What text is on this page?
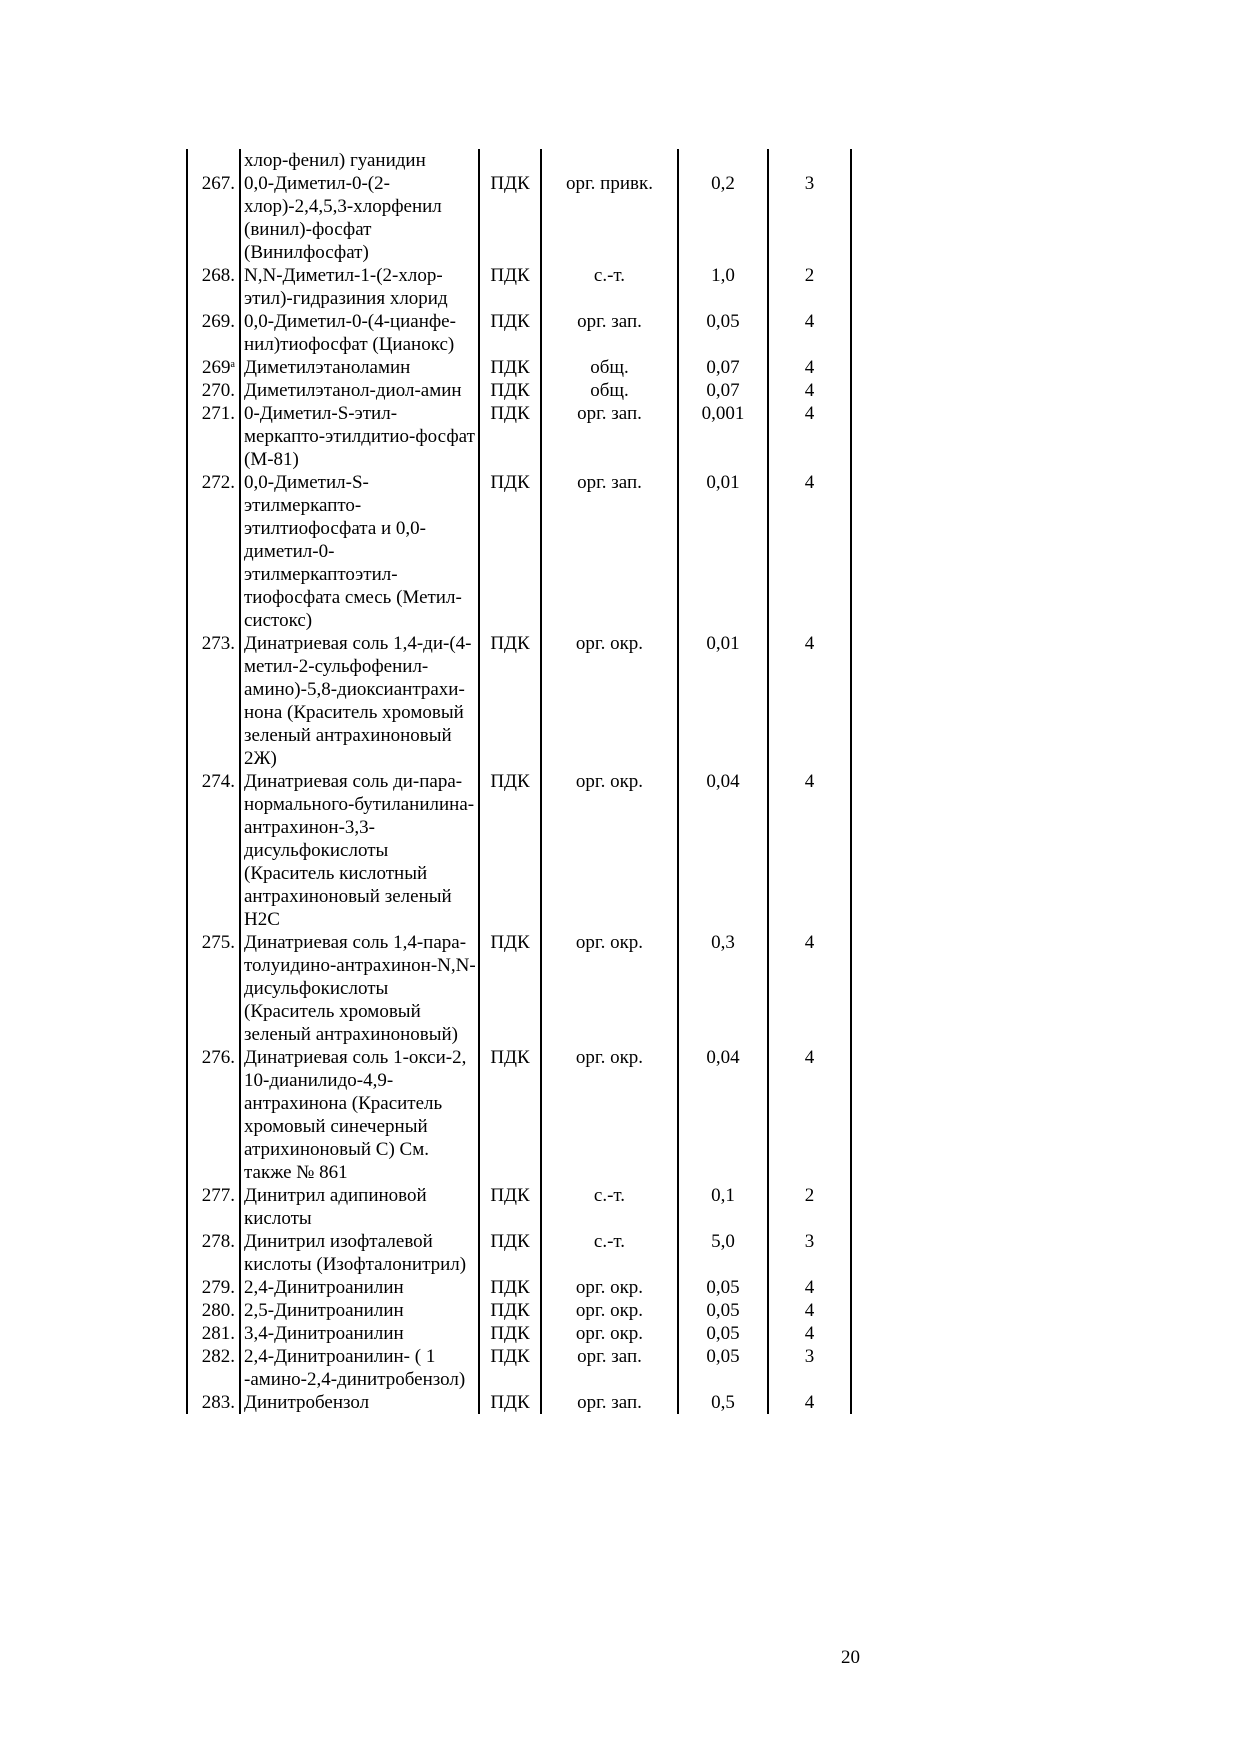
	хлор-фенил) гуанидин				
267.	0,0-Диметил-0-(2-хлор)-2,4,5,3-хлорфенил (винил)-фосфат (Винилфосфат)	ПДК	орг. привк.	0,2	3
268.	N,N-Диметил-1-(2-хлор-этил)-гидразиния хлорид	ПДК	с.-т.	1,0	2
269.	0,0-Диметил-0-(4-цианфе-нил)тиофосфат (Цианокс)	ПДК	орг. зап.	0,05	4
$269^а$	Диметилэтаноламин	ПДК	общ.	0,07	4
270.	Диметилэтанол-диол-амин	ПДК	общ.	0,07	4
271.	0-Диметил-S-этил-меркапто-этилдитио-фосфат (М-81)	ПДК	орг. зап.	0,001	4
272.	0,0-Диметил-S-этилмеркапто-этилтиофосфата и 0,0-диметил-0-этилмеркаптоэтил-тиофосфата смесь (Метил-систокс)	ПДК	орг. зап.	0,01	4
273.	Динатриевая соль 1,4-ди-(4-метил-2-сульфофенил-амино)-5,8-диоксиантрахи-нона (Краситель хромовый зеленый антрахиноновый 2Ж)	ПДК	орг. окр.	0,01	4
274.	Динатриевая соль ди-пара-нормального-бутиланилина-антрахинон-3,3-дисульфокислоты (Краситель кислотный антрахиноновый зеленый Н2С	ПДК	орг. окр.	0,04	4
275.	Динатриевая соль 1,4-пара-толуидино-антрахинон-N,N-дисульфокислоты (Краситель хромовый зеленый антрахиноновый)	ПДК	орг. окр.	0,3	4
276.	Динатриевая соль 1-окси-2, 10-дианилидо-4,9-антрахинона (Краситель хромовый синечерный атрихиноновый С) См. также № 861	ПДК	орг. окр.	0,04	4
277.	Динитрил адипиновой кислоты	ПДК	с.-т.	0,1	2
278.	Динитрил изофталевой кислоты (Изофталонитрил)	ПДК	с.-т.	5,0	3
279.	2,4-Динитроанилин	ПДК	орг. окр.	0,05	4
280.	2,5-Динитроанилин	ПДК	орг. окр.	0,05	4
281.	3,4-Динитроанилин	ПДК	орг. окр.	0,05	4
282.	2,4-Динитроанилин- ( 1 -амино-2,4-динитробензол)	ПДК	орг. зап.	0,05	3
283.	Динитробензол	ПДК	орг. зап.	0,5	4
20
